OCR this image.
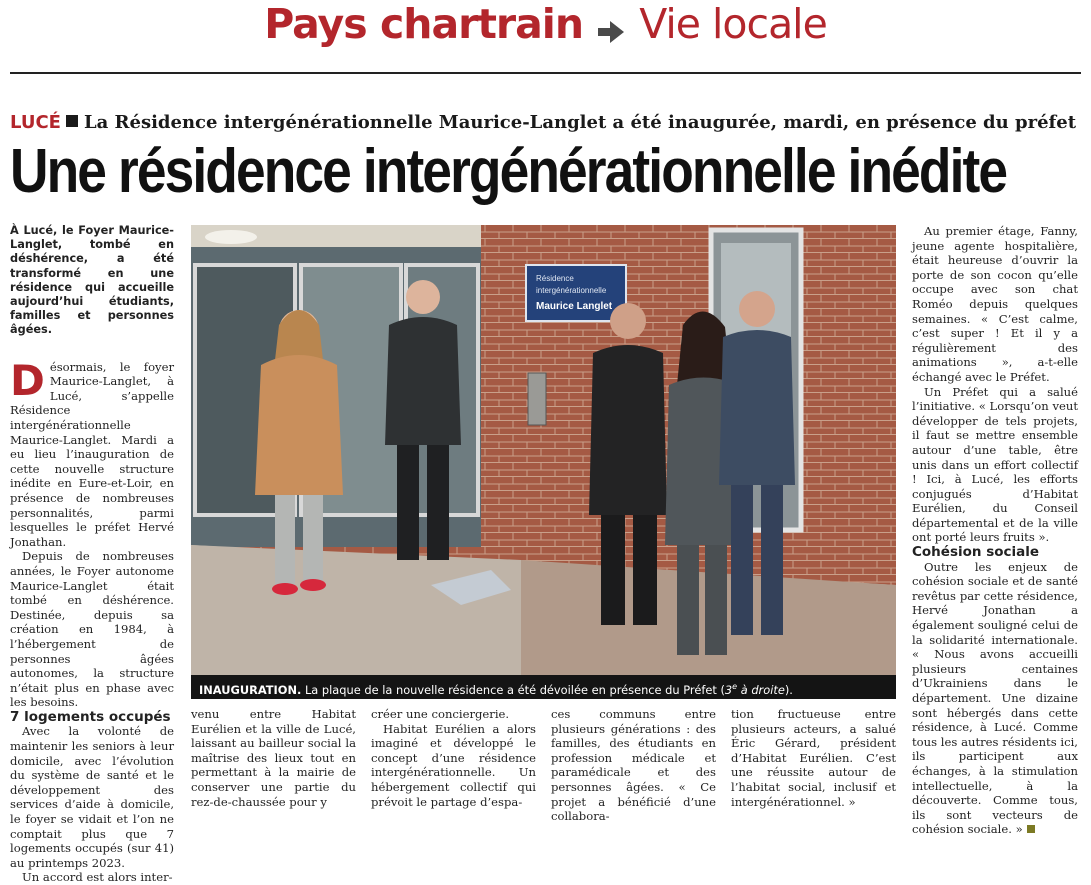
Pays chartrain Vie locale
LUCÉ La Résidence intergénérationnelle Maurice-Langlet a été inaugurée, mardi, en présence du préfet
Une résidence intergénérationnelle inédite
À Lucé, le Foyer Maurice-Langlet, tombé en déshérence, a été transformé en une résidence qui accueille aujourd’hui étudiants, familles et personnes âgées.

Désormais, le foyer Maurice-Langlet, à Lucé, s’appelle Résidence intergénérationnelle Maurice-Langlet. Mardi a eu lieu l’inauguration de cette nouvelle structure inédite en Eure-et-Loir, en présence de nombreuses personnalités, parmi lesquelles le préfet Hervé Jonathan.

Depuis de nombreuses années, le Foyer autonome Maurice-Langlet était tombé en déshérence. Destinée, depuis sa création en 1984, à l’hébergement de personnes âgées autonomes, la structure n’était plus en phase avec les besoins.

7 logements occupés

Avec la volonté de maintenir les seniors à leur domicile, avec l’évolution du système de santé et le développement des services d’aide à domicile, le foyer se vidait et l’on ne comptait plus que 7 logements occupés (sur 41) au printemps 2023.

Un accord est alors inter-

Résidence
intergénérationnelle
Maurice Langlet
INAUGURATION. La plaque de la nouvelle résidence a été dévoilée en présence du Préfet (3e à droite).

venu entre Habitat Eurélien et la ville de Lucé, laissant au bailleur social la maîtrise des lieux tout en permettant à la mairie de conserver une partie du rez-de-chaussée pour y

créer une conciergerie.

Habitat Eurélien a alors imaginé et développé le concept d’une résidence intergénérationnelle. Un hébergement collectif qui prévoit le partage d’espa-

ces communs entre plusieurs générations : des familles, des étudiants en profession médicale et paramédicale et des personnes âgées. « Ce projet a bénéficié d’une collabora-

tion fructueuse entre plusieurs acteurs, a salué Éric Gérard, président d’Habitat Eurélien. C’est une réussite autour de l’habitat social, inclusif et intergénérationnel. »

Au premier étage, Fanny, jeune agente hospitalière, était heureuse d’ouvrir la porte de son cocon qu’elle occupe avec son chat Roméo depuis quelques semaines. « C’est calme, c’est super ! Et il y a régulièrement des animations », a-t-elle échangé avec le Préfet.

Un Préfet qui a salué l’initiative. « Lorsqu’on veut développer de tels projets, il faut se mettre ensemble autour d’une table, être unis dans un effort collectif ! Ici, à Lucé, les efforts conjugués d’Habitat Eurélien, du Conseil départemental et de la ville ont porté leurs fruits ».

Cohésion sociale

Outre les enjeux de cohésion sociale et de santé revêtus par cette résidence, Hervé Jonathan a également souligné celui de la solidarité internationale. « Nous avons accueilli plusieurs centaines d’Ukrainiens dans le département. Une dizaine sont hébergés dans cette résidence, à Lucé. Comme tous les autres résidents ici, ils participent aux échanges, à la stimulation intellectuelle, à la découverte. Comme tous, ils sont vecteurs de cohésion sociale. »
